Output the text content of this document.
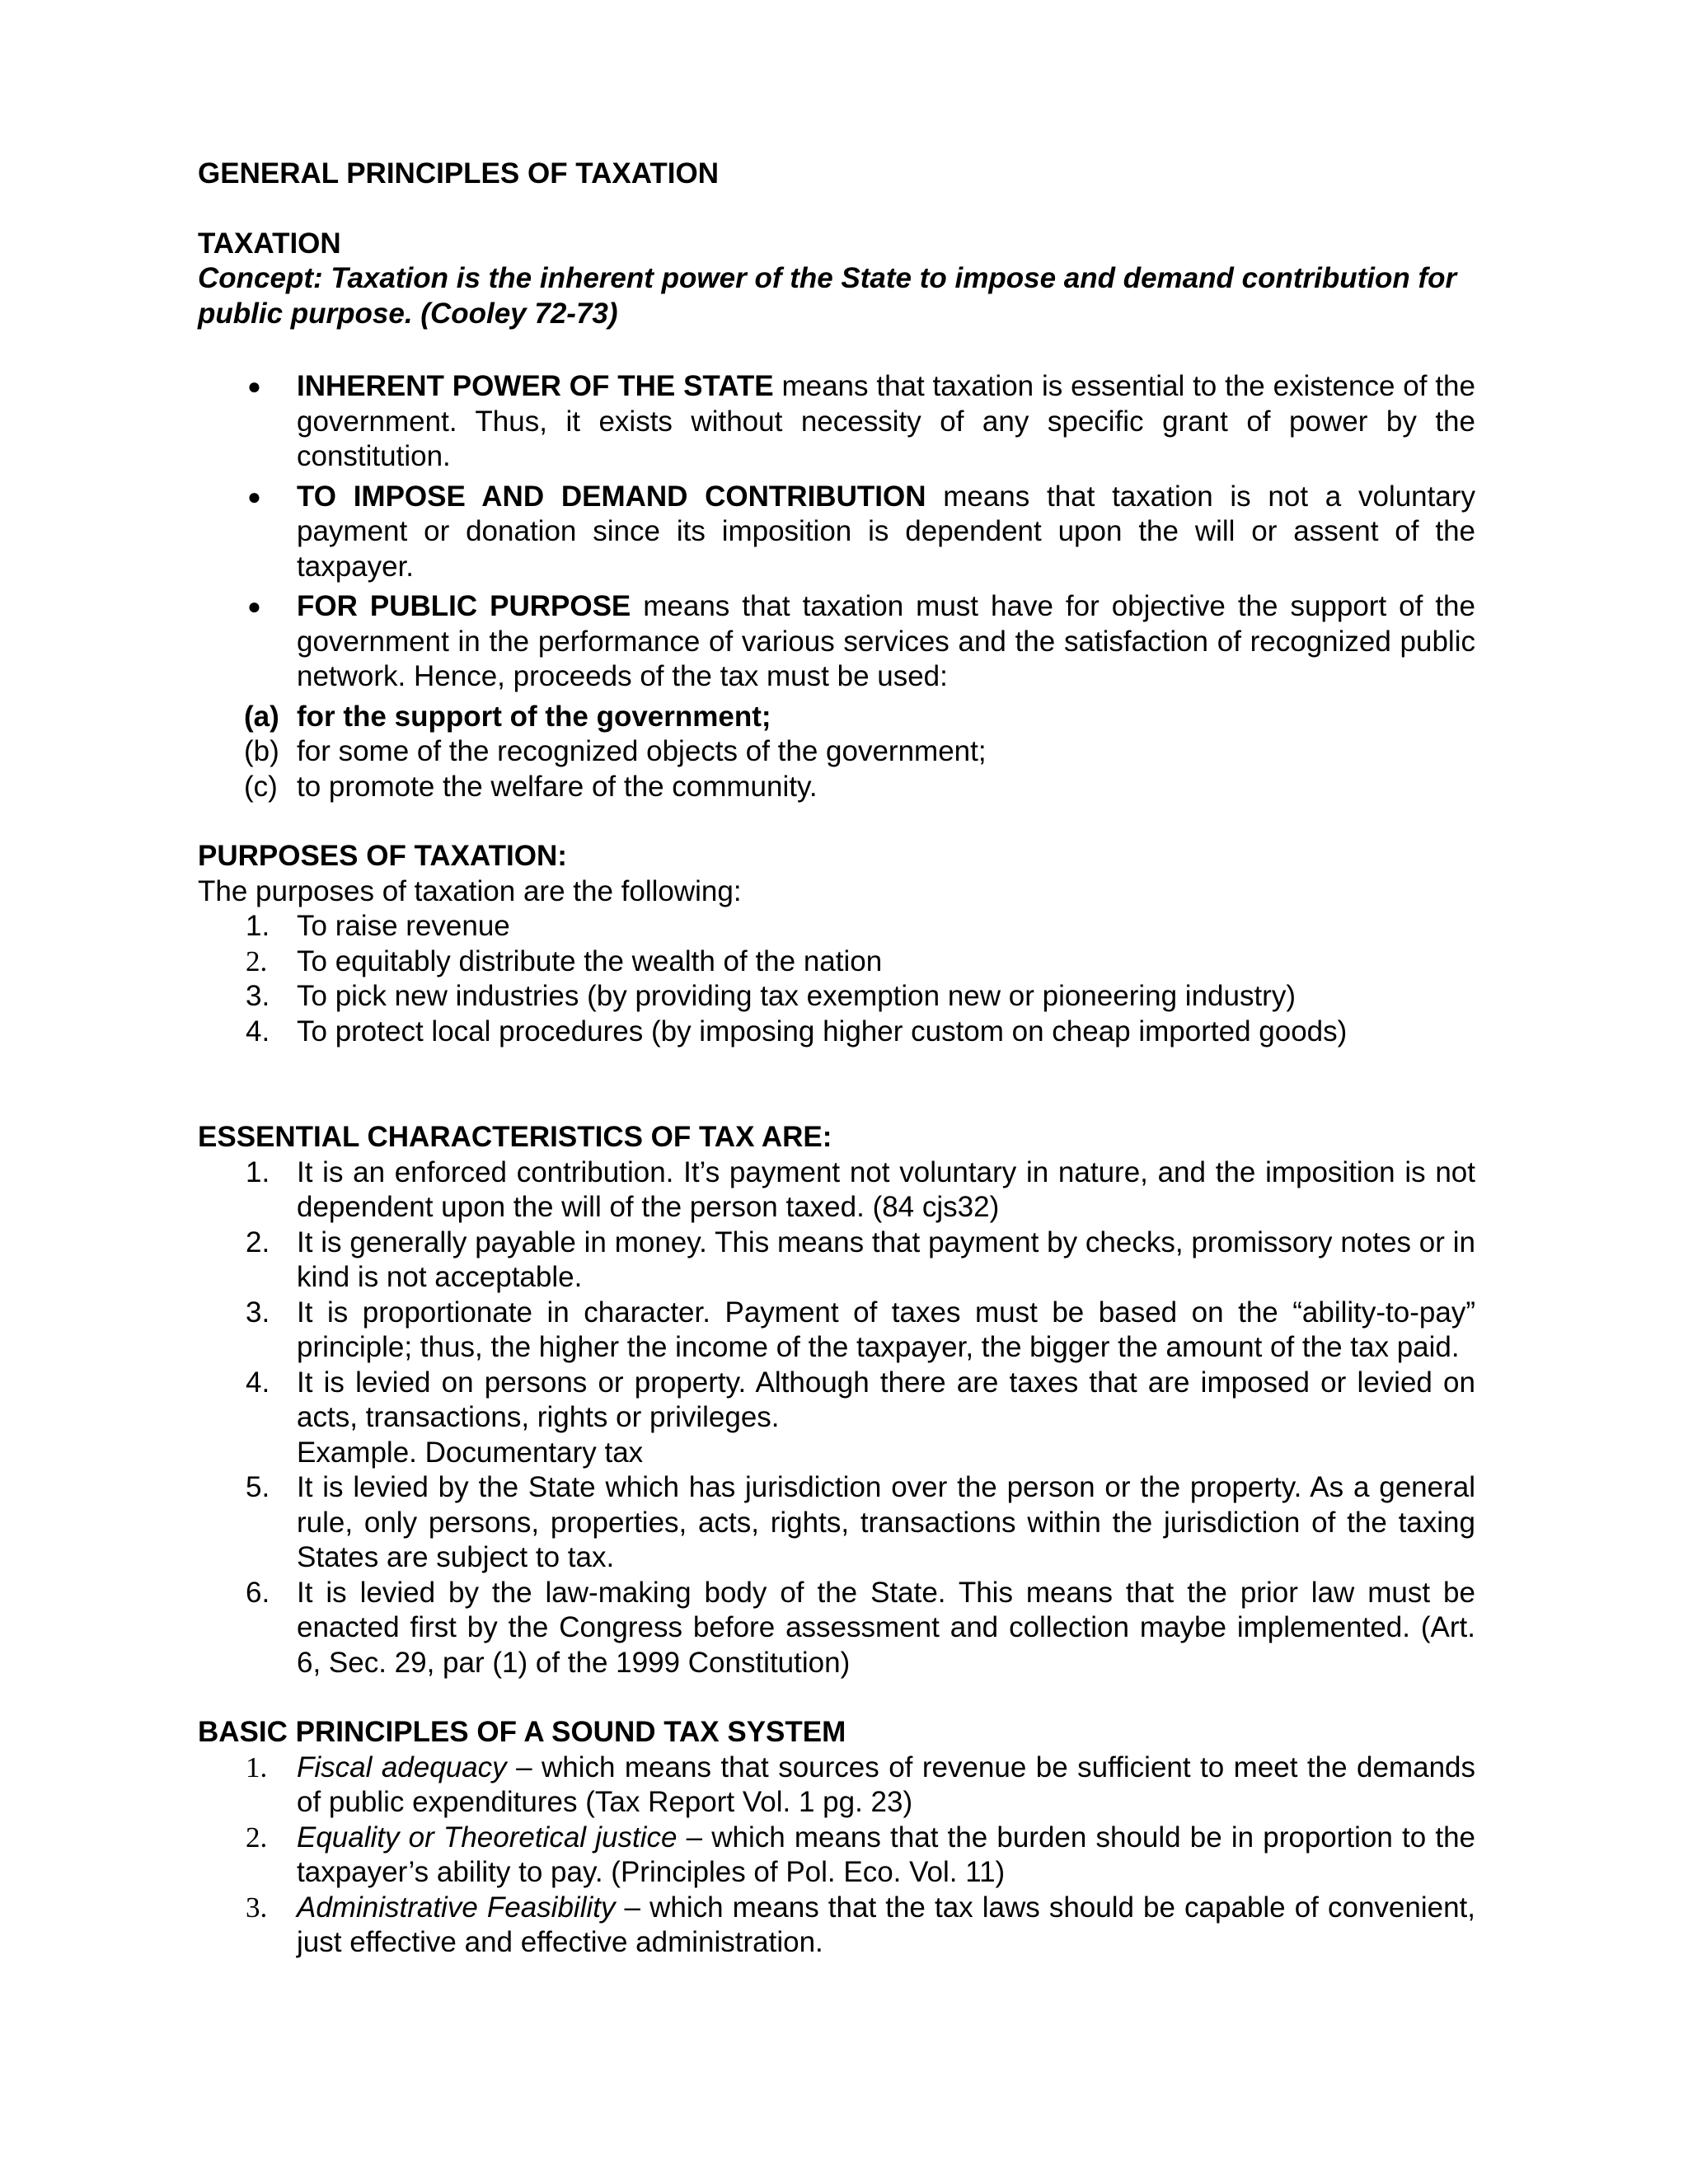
GENERAL PRINCIPLES OF TAXATION

TAXATION

Concept: Taxation is the inherent power of the State to impose and demand contribution for public purpose. (Cooley 72-73)

● INHERENT POWER OF THE STATE means that taxation is essential to the existence of the government. Thus, it exists without necessity of any specific grant of power by the constitution.
● TO IMPOSE AND DEMAND CONTRIBUTION means that taxation is not a voluntary payment or donation since its imposition is dependent upon the will or assent of the taxpayer.
● FOR PUBLIC PURPOSE means that taxation must have for objective the support of the government in the performance of various services and the satisfaction of recognized public network. Hence, proceeds of the tax must be used:
(a) for the support of the government;
(b) for some of the recognized objects of the government;
(c) to promote the welfare of the community.

PURPOSES OF TAXATION:

The purposes of taxation are the following:

1. To raise revenue
2. To equitably distribute the wealth of the nation
3. To pick new industries (by providing tax exemption new or pioneering industry)
4. To protect local procedures (by imposing higher custom on cheap imported goods)

ESSENTIAL CHARACTERISTICS OF TAX ARE:

1. It is an enforced contribution. It’s payment not voluntary in nature, and the imposition is not dependent upon the will of the person taxed. (84 cjs32)
2. It is generally payable in money. This means that payment by checks, promissory notes or in kind is not acceptable.
3. It is proportionate in character. Payment of taxes must be based on the “ability-to-pay” principle; thus, the higher the income of the taxpayer, the bigger the amount of the tax paid.
4. It is levied on persons or property. Although there are taxes that are imposed or levied on acts, transactions, rights or privileges.
Example. Documentary tax
5. It is levied by the State which has jurisdiction over the person or the property. As a general rule, only persons, properties, acts, rights, transactions within the jurisdiction of the taxing States are subject to tax.
6. It is levied by the law-making body of the State. This means that the prior law must be enacted first by the Congress before assessment and collection maybe implemented. (Art. 6, Sec. 29, par (1) of the 1999 Constitution)

BASIC PRINCIPLES OF A SOUND TAX SYSTEM

1. Fiscal adequacy – which means that sources of revenue be sufficient to meet the demands of public expenditures (Tax Report Vol. 1 pg. 23)
2. Equality or Theoretical justice – which means that the burden should be in proportion to the taxpayer’s ability to pay. (Principles of Pol. Eco. Vol. 11)
3. Administrative Feasibility – which means that the tax laws should be capable of convenient, just effective and effective administration.
